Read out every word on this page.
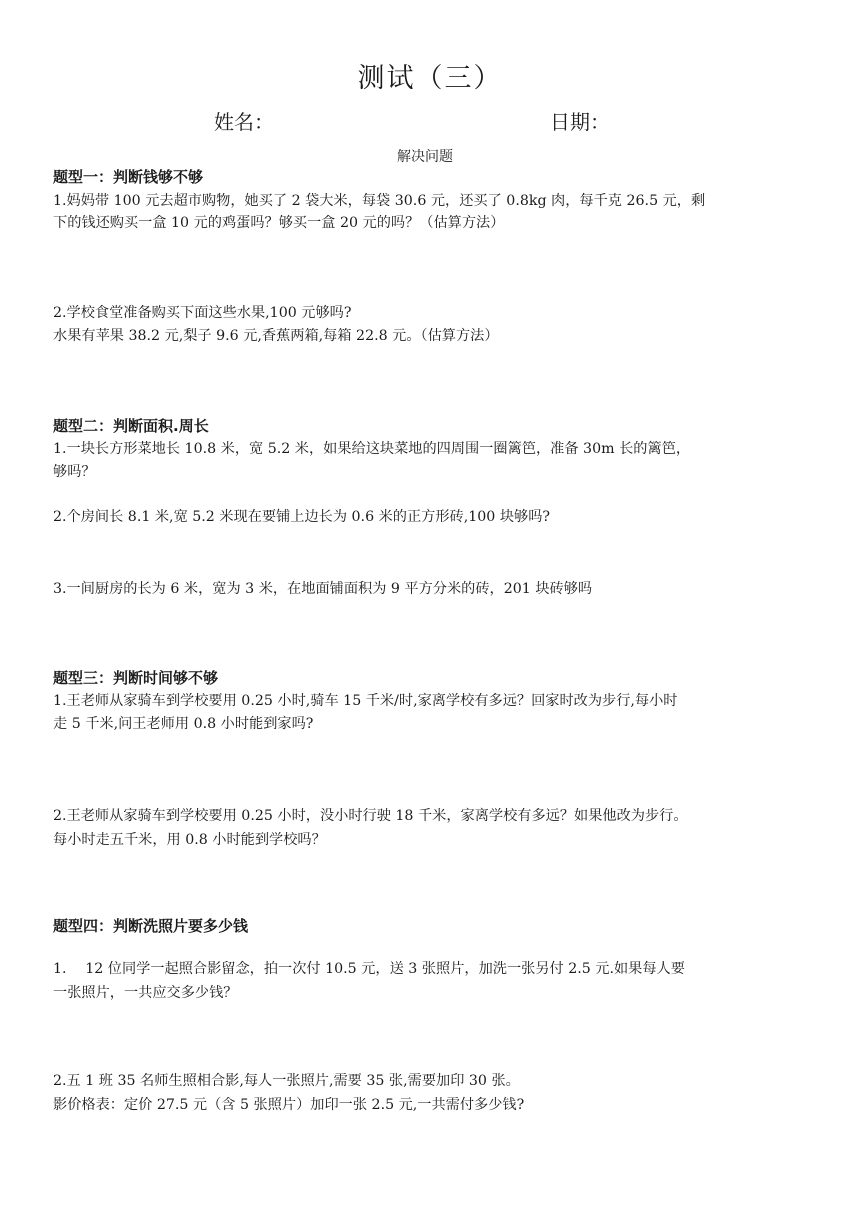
测试（三）
姓名：	日期：
解决问题
题型一：判断钱够不够
1.妈妈带 100 元去超市购物，她买了 2 袋大米，每袋 30.6 元，还买了 0.8kg 肉，每千克 26.5 元，剩
下的钱还购买一盒 10 元的鸡蛋吗？够买一盒 20 元的吗？（估算方法）
2.学校食堂准备购买下面这些水果,100 元够吗?
水果有苹果 38.2 元,梨子 9.6 元,香蕉两箱,每箱 22.8 元。（估算方法）
题型二：判断面积.周长
1.一块长方形菜地长 10.8 米，宽 5.2 米，如果给这块菜地的四周围一圈篱笆，准备 30m 长的篱笆，
够吗？
2.个房间长 8.1 米,宽 5.2 米现在要铺上边长为 0.6 米的正方形砖,100 块够吗?
3.一间厨房的长为 6 米，宽为 3 米，在地面铺面积为 9 平方分米的砖，201 块砖够吗
题型三：判断时间够不够
1.王老师从家骑车到学校要用 0.25 小时,骑车 15 千米/时,家离学校有多远？回家时改为步行,每小时
走 5 千米,问王老师用 0.8 小时能到家吗?
2.王老师从家骑车到学校要用 0.25 小时，没小时行驶 18 千米，家离学校有多远？如果他改为步行。
每小时走五千米，用 0.8 小时能到学校吗？
题型四：判断洗照片要多少钱
1.　 12 位同学一起照合影留念，拍一次付 10.5 元，送 3 张照片，加洗一张另付 2.5 元.如果每人要
一张照片，一共应交多少钱？
2.五 1 班 35 名师生照相合影,每人一张照片,需要 35 张,需要加印 30 张。
影价格表：定价 27.5 元（含 5 张照片）加印一张 2.5 元,一共需付多少钱?
